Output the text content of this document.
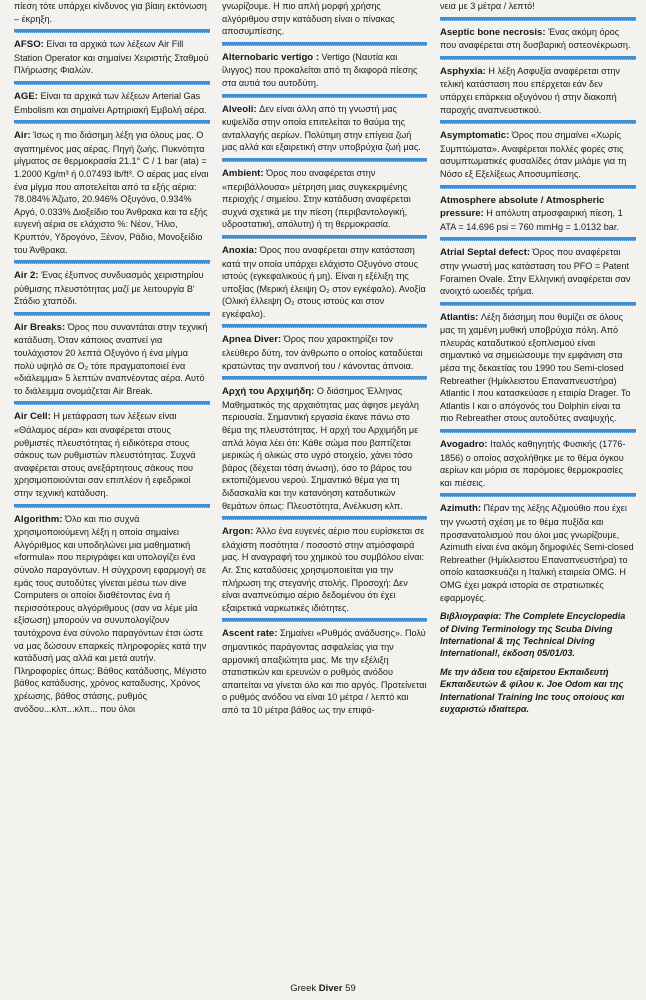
πίεση τότε υπάρχει κίνδυνος για βίαιη εκτόνωση – έκρηξη.
AFSO: Είναι τα αρχικά των λέξεων Air Fill Station Operator και σημαίνει Χειριστής Σταθμού Πλήρωσης Φιαλών.
AGE: Είναι τα αρχικά των λέξεων Arterial Gas Embolism και σημαίνει Αρτηριακή Εμβολή αέρα.
Air: Ίσως η πιο διάσημη λέξη για όλους μας. Ο αγαπημένος μας αέρας. Πηγή ζωής. Πυκνότητα μίγματος σε θερμοκρασία 21.1° C / 1 bar (ata) = 1.2000 Kg/m³ ή 0.07493 lb/ft³. Ο αέρας μας είναι ένα μίγμα που αποτελείται από τα εξής αέρια: 78.084% Άζωτο, 20.946% Οξυγόνο, 0.934% Αργό, 0.033% Διοξείδιο του Άνθρακα και τα εξής ευγενή αέρια σε ελάχιστο %: Νέον, Ήλιο, Κρυπτόν, Υδρογόνο, Ξένον, Ράδιο, Μονοξείδιο του Άνθρακα.
Air 2: Ένας έξυπνος συνδυασμός χειριστηρίου ρύθμισης πλευστότητας μαζί με λειτουργία Β' Στάδιο χταπόδι.
Air Breaks: Όρος που συναντάται στην τεχνική κατάδυση. Όταν κάποιος αναπνεί για τουλάχιστον 20 λεπτά Οξυγόνο ή ένα μίγμα πολύ υψηλό σε O₂ τότε πραγματοποιεί ένα «διάλειμμα» 5 λεπτών αναπνέοντας αέρα. Αυτό το διάλειμμα ονομάζεται Air Break.
Air Cell: Η μετάφραση των λέξεων είναι «Θάλαμος αέρα» και αναφέρεται στους ρυθμιστές πλευστότητας ή ειδικότερα στους σάκους των ρυθμιστών πλευστότητας. Συχνά αναφέρεται στους ανεξάρτητους σάκους που χρησιμοποιούνται σαν επιπλέον ή εφεδρικοί στην τεχνική κατάδυση.
Algorithm: Όλο και πιο συχνά χρησιμοποιούμενη λέξη η οποία σημαίνει Αλγόριθμος και υποδηλώνει μια μαθηματική «formula» που περιγράφει και υπολογίζει ένα σύνολο παραγόντων. Η σύγχρονη εφαρμογή σε εμάς τους αυτοδύτες γίνεται μέσω των dive Computers οι οποίοι διαθέτοντας ένα ή περισσότερους αλγόριθμους (σαν να λέμε μία εξίσωση) μπορούν να συνυπολογίζουν ταυτόχρονα ένα σύνολο παραγόντων έτσι ώστε να μας δώσουν επαρκείς πληροφορίες κατά την κατάδυσή μας αλλά και μετά αυτήν. Πληροφορίες όπως: Βάθος κατάδυσης, Μέγιστο βάθος κατάδυσης, χρόνος καταδυσης, Χρόνος χρέωσης, βάθος στάσης, ρυθμός ανόδου...κλπ...κλπ... που όλοι
γνωρίζουμε. Η πιο απλή μορφή χρήσης αλγόριθμου στην κατάδυση είναι ο πίνακας αποσυμπίεσης.
Alternobaric vertigo : Vertigo (Ναυτία και ίλιγγος) που προκαλείται από τη διαφορά πίεσης στα αυτιά του αυτοδύτη.
Alveoli: Δεν είναι άλλη από τη γνωστή μας κυψελίδα στην οποία επιτελείται το θαύμα της ανταλλαγής αερίων. Πολύτιμη στην επίγεια ζωή μας αλλά και εξαιρετική στην υποβρύχια ζωή μας.
Ambient: Όρος που αναφέρεται στην «περιβάλλουσα» μέτρηση μιας συγκεκριμένης περιοχής / σημείου. Στην κατάδυση αναφέρεται συχνά σχετικά με την πίεση (περιβαντολογική, υδροστατική, απόλυτη) ή τη θερμοκρασία.
Anoxia: Όρος που αναφέρεται στην κατάσταση κατά την οποία υπάρχει ελάχιστο Οξυγόνο στους ιστούς (εγκεφαλικούς ή μη). Είναι η εξέλιξη της υποξίας (Μερική έλειψη O₂ στον εγκέφαλο). Ανοξία (Ολική έλλειψη O₂ στους ιστούς και στον εγκέφαλο).
Apnea Diver: Όρος που χαρακτηρίζει τον ελεύθερο δύτη, τον άνθρωπο ο οποίος καταδύεται κρατώντας την αναπνοή του / κάνοντας άπνοια.
Αρχή του Αρχιμήδη: Ο διάσημος Έλληνας Μαθηματικός της αρχαιότητας μας άφησε μεγάλη περιουσία. Σημαντική εργασία έκανε πάνω στο θέμα της πλευστότητας. Η αρχή του Αρχιμήδη με απλά λόγια λέει ότι: Κάθε σώμα που βαπτίζεται μερικώς ή ολικώς στο υγρό στοιχείο, χάνει τόσο βάρος (δέχεται τόση άνωση), όσο το βάρος του εκτοπιζόμενου νερού. Σημαντικό θέμα για τη διδασκαλία και την κατανόηση καταδυτικών θεμάτων όπως: Πλευστότητα, Ανέλκυση κλπ.
Argon: Άλλο ένα ευγενές αέριο που ευρίσκεται σε ελάχιστη ποσότητα / ποσοστό στην ατμόσφαιρά μας. Η αναγραφή του χημικού του συμβόλου είναι: Ar. Στις καταδύσεις χρησιμοποιείται για την πλήρωση της στεγανής στολής. Προσοχή: Δεν είναι αναπνεύσιμο αέριο δεδομένου ότι έχει εξαιρετικά ναρκωτικές ιδιότητες.
Ascent rate: Σημαίνει «Ρυθμός ανάδυσης». Πολύ σημαντικός παράγοντας ασφαλείας για την αρμονική απαξιώτητα μας. Με την εξέλιξη στατιστικών και ερευνών ο ρυθμός ανόδου απαιτείται να γίνεται όλο και πιο αργός. Προτείνεται ο ρυθμός ανόδου να είναι 10 μέτρα / λεπτό και από τα 10 μέτρα βάθος ως την επιφά-
νεια με 3 μέτρα / λεπτό!
Aseptic bone necrosis: Ένας ακόμη όρος που αναφέρεται στη δυσβαρική οστεονέκρωση.
Asphyxia: Η λέξη Ασφυξία αναφέρεται στην τελική κατάσταση που επέρχεται εάν δεν υπάρχει επάρκεια οξυγόνου ή στην διακοπή παροχής αναπνευστικού.
Asymptomatic: Όρος που σημαίνει «Χωρίς Συμπτώματα». Αναφέρεται πολλές φορές στις ασυμπτωματικές φυσαλίδες όταν μιλάμε για τη Νόσο εξ Εξελίξεως Αποσυμπίεσης.
Atmosphere absolute / Atmospheric pressure: Η απόλυτη ατμοσφαιρική πίεση, 1 ATA = 14.696 psi = 760 mmHg = 1.0132 bar.
Atrial Septal defect: Όρος που αναφέρεται στην γνωστή μας κατάσταση του PFO = Patent Foramen Ovale. Στην Ελληνική αναφέρεται σαν ανοιχτό ωοειδές τρήμα.
Atlantis: Λέξη διάσημη που θυμίζει σε όλους μας τη χαμένη μυθική υποβρύχια πόλη. Από πλευράς καταδυτικού εξοπλισμού είναι σημαντικό να σημειώσουμε την εμφάνιση στα μέσα της δεκαετίας του 1990 του Semi-closed Rebreather (Ημίκλειστου Επαναπνευστήρα) Atlantic I που κατασκεύασε η εταιρία Drager. Το Atlantis I και ο απόγονός του Dolphin είναι τα πιο Rebreather στους αυτοδύτες αναψυχής.
Avogadro: Ιταλός καθηγητής Φυσικής (1776-1856) ο οποίος ασχολήθηκε με το θέμα όγκου αερίων και μόρια σε παρόμοιες θερμοκρασίες και πιέσεις.
Azimuth: Πέραν της λέξης Αζιμούθιο που έχει την γνωστή σχέση με το θέμα πυξίδα και προσανατολισμού που όλοι μας γνωρίζουμε, Azimuth είναι ένα ακόμη δημοφιλές Semi-closed Rebreather (Ημίκλειστου Επαναπνευστήρα) το οποίο κατασκευάζει η Ιταλική εταιρεία OMG. Η OMG έχει μακρά ιστορία σε στρατιωτικές εφαρμογές.
Βιβλιογραφία: The Complete Encyclopedia of Diving Terminology της Scuba Diving International & της Technical Diving International!, έκδοση 05/01/03.
Με την άδεια του εξαίρετου Εκπαιδευτή Εκπαιδευτών & φίλου κ. Joe Odom και της International Training Inc τους οποίους και ευχαριστώ ιδιαίτερα.
Greek Diver 59
